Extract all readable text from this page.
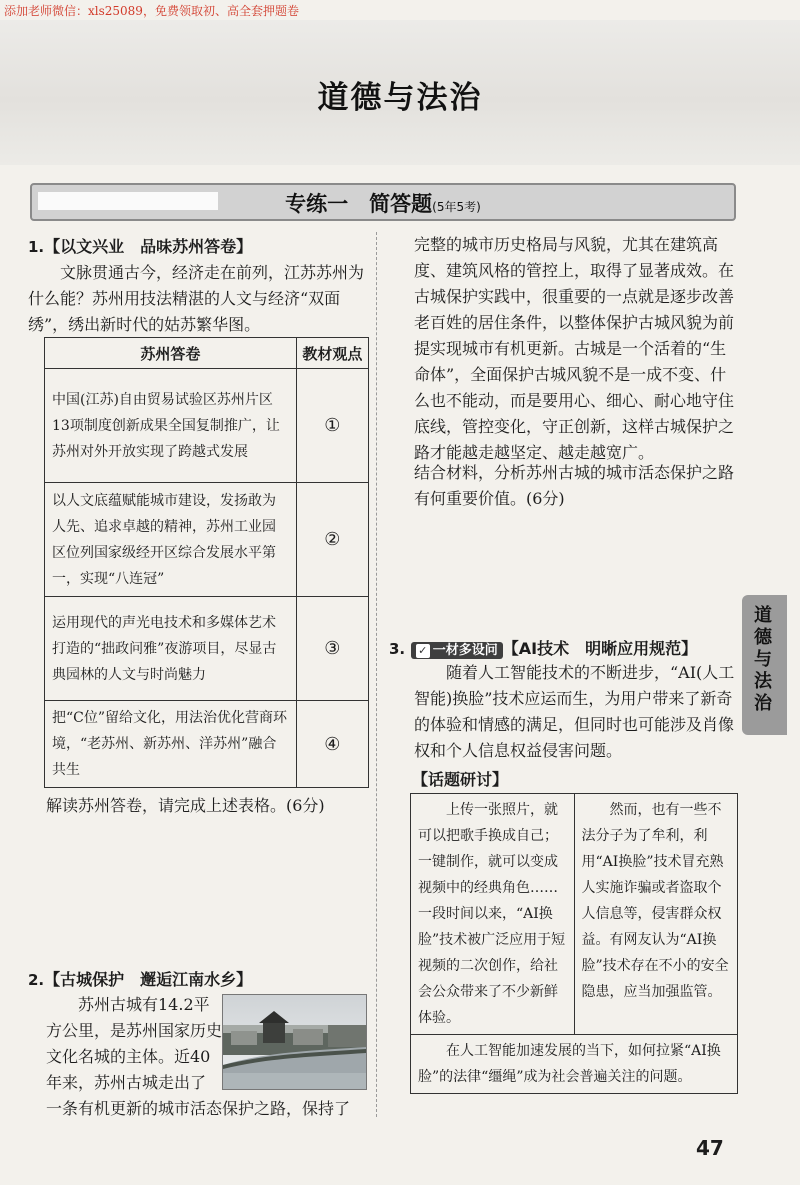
添加老师微信：xls25089，免费领取初、高全套押题卷
道德与法治
专练一　简答题(5年5考)
1.【以文兴业　品味苏州答卷】
文脉贯通古今，经济走在前列，江苏苏州为什么能？苏州用技法精湛的人文与经济“双面绣”，绣出新时代的姑苏繁华图。
苏州答卷	教材观点
中国(江苏)自由贸易试验区苏州片区13项制度创新成果全国复制推广，让苏州对外开放实现了跨越式发展	①
以人文底蕴赋能城市建设，发扬敢为人先、追求卓越的精神，苏州工业园区位列国家级经开区综合发展水平第一，实现“八连冠”	②
运用现代的声光电技术和多媒体艺术打造的“拙政问雅”夜游项目，尽显古典园林的人文与时尚魅力	③
把“C位”留给文化，用法治优化营商环境，“老苏州、新苏州、洋苏州”融合共生	④
解读苏州答卷，请完成上述表格。(6分)
2.【古城保护　邂逅江南水乡】
苏州古城有14.2平
方公里，是苏州国家历史
文化名城的主体。近40
年来，苏州古城走出了
一条有机更新的城市活态保护之路，保持了
完整的城市历史格局与风貌，尤其在建筑高度、建筑风格的管控上，取得了显著成效。在古城保护实践中，很重要的一点就是逐步改善老百姓的居住条件，以整体保护古城风貌为前提实现城市有机更新。古城是一个活着的“生命体”，全面保护古城风貌不是一成不变、什么也不能动，而是要用心、细心、耐心地守住底线，管控变化，守正创新，这样古城保护之路才能越走越坚定、越走越宽广。
结合材料，分析苏州古城的城市活态保护之路有何重要价值。(6分)
道德与法治
3. ✓ 一材多设问 【AI技术　明晰应用规范】
随着人工智能技术的不断进步，“AI(人工智能)换脸”技术应运而生，为用户带来了新奇的体验和情感的满足，但同时也可能涉及肖像权和个人信息权益侵害问题。
【话题研讨】
上传一张照片，就可以把歌手换成自己；一键制作，就可以变成视频中的经典角色……一段时间以来，“AI换脸”技术被广泛应用于短视频的二次创作，给社会公众带来了不少新鲜体验。	然而，也有一些不法分子为了牟利，利用“AI换脸”技术冒充熟人实施诈骗或者盗取个人信息等，侵害群众权益。有网友认为“AI换脸”技术存在不小的安全隐患，应当加强监管。
在人工智能加速发展的当下，如何拉紧“AI换脸”的法律“缰绳”成为社会普遍关注的问题。
47
